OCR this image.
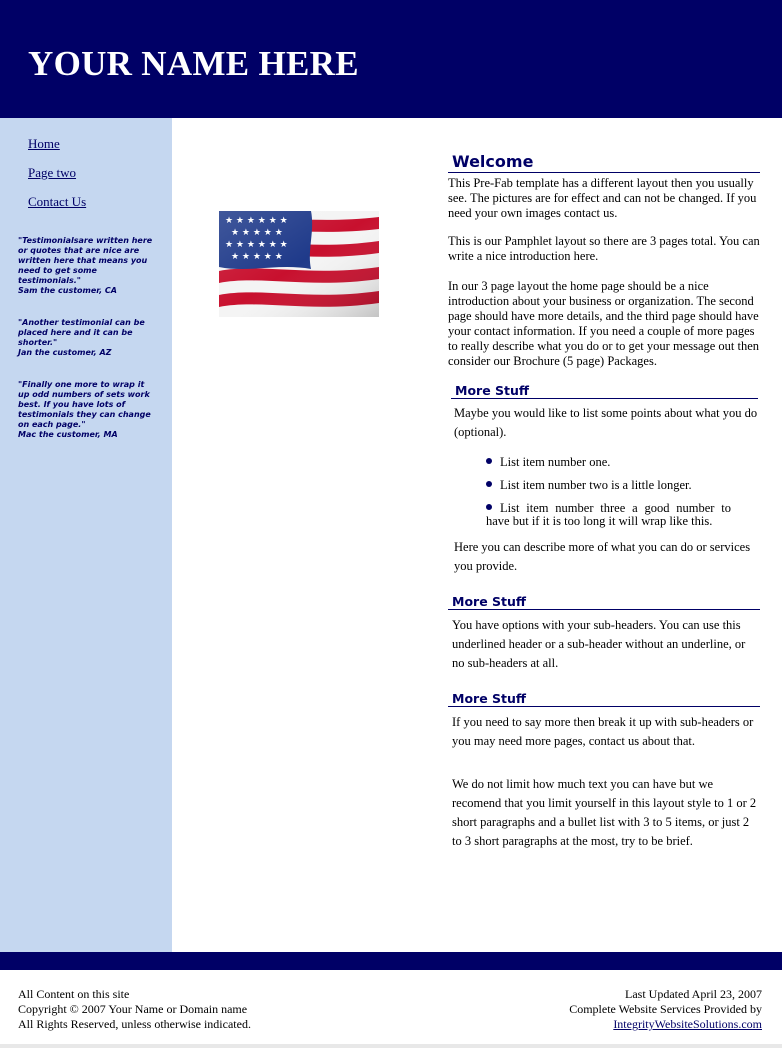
YOUR NAME HERE
Home
Page two
Contact Us

"Testimonialsare written here or quotes that are nice are written here that means you need to get some testimonials."
Sam the customer, CA

"Another testimonial can be placed here and it can be shorter."
Jan the customer, AZ

"Finally one more to wrap it up odd numbers of sets work best. If you have lots of testimonials they can change on each page."
Mac the customer, MA

Welcome

This Pre-Fab template has a different layout then you usually see. The pictures are for effect and can not be changed. If you need your own images contact us.

This is our Pamphlet layout so there are 3 pages total. You can write a nice introduction here.

In our 3 page layout the home page should be a nice introduction about your business or organization. The second page should have more details, and the third page should have your contact information. If you need a couple of more pages to really describe what you do or to get your message out then consider our Brochure (5 page) Packages.

More Stuff

Maybe you would like to list some points about what you do (optional).

List item number one.
List item number two is a little longer.
List item number three a good number to have but if it is too long it will wrap like this.

Here you can describe more of what you can do or services you provide.

More Stuff

You have options with your sub-headers. You can use this underlined header or a sub-header without an underline, or no sub-headers at all.

More Stuff

If you need to say more then break it up with sub-headers or you may need more pages, contact us about that.

We do not limit how much text you can have but we recomend that you limit yourself in this layout style to 1 or 2 short paragraphs and a bullet list with 3 to 5 items, or just 2 to 3 short paragraphs at the most, try to be brief.

All Content on this site
Copyright © 2007 Your Name or Domain name
All Rights Reserved, unless otherwise indicated.
Last Updated April 23, 2007
Complete Website Services Provided by
IntegrityWebsiteSolutions.com
